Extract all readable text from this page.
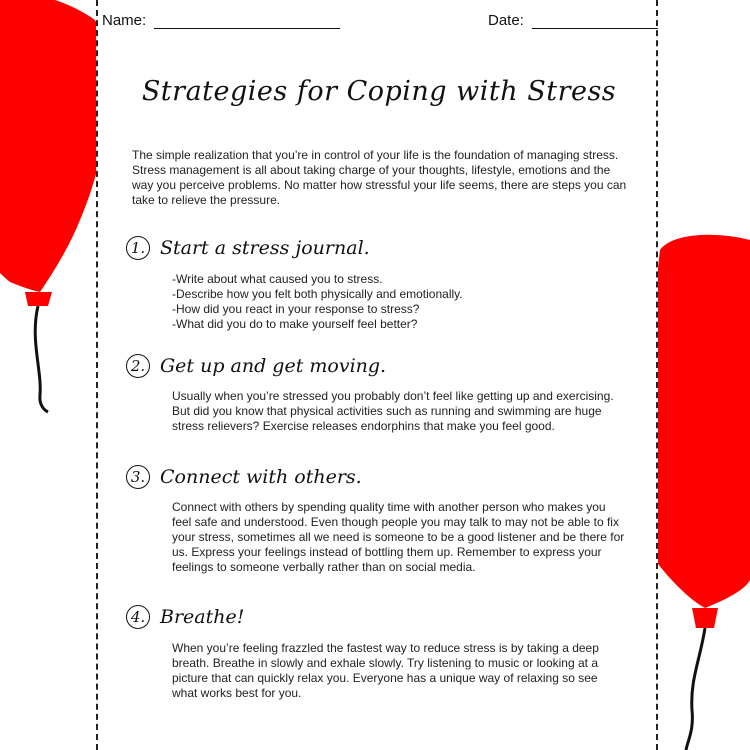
Name:	Date:
Strategies for Coping with Stress
The simple realization that you’re in control of your life is the foundation of managing stress. Stress management is all about taking charge of your thoughts, lifestyle, emotions and the way you perceive problems. No matter how stressful your life seems, there are steps you can take to relieve the pressure.
1. Start a stress journal.

-Write about what caused you to stress.

-Describe how you felt both physically and emotionally.

-How did you react in your response to stress?

-What did you do to make yourself feel better?

2. Get up and get moving.

Usually when you’re stressed you probably don’t feel like getting up and exercising. But did you know that physical activities such as running and swimming are huge stress relievers? Exercise releases endorphins that make you feel good.

3. Connect with others.

Connect with others by spending quality time with another person who makes you feel safe and understood. Even though people you may talk to may not be able to fix your stress, sometimes all we need is someone to be a good listener and be there for us. Express your feelings instead of bottling them up. Remember to express your feelings to someone verbally rather than on social media.

4. Breathe!

When you’re feeling frazzled the fastest way to reduce stress is by taking a deep breath. Breathe in slowly and exhale slowly. Try listening to music or looking at a picture that can quickly relax you. Everyone has a unique way of relaxing so see what works best for you.
